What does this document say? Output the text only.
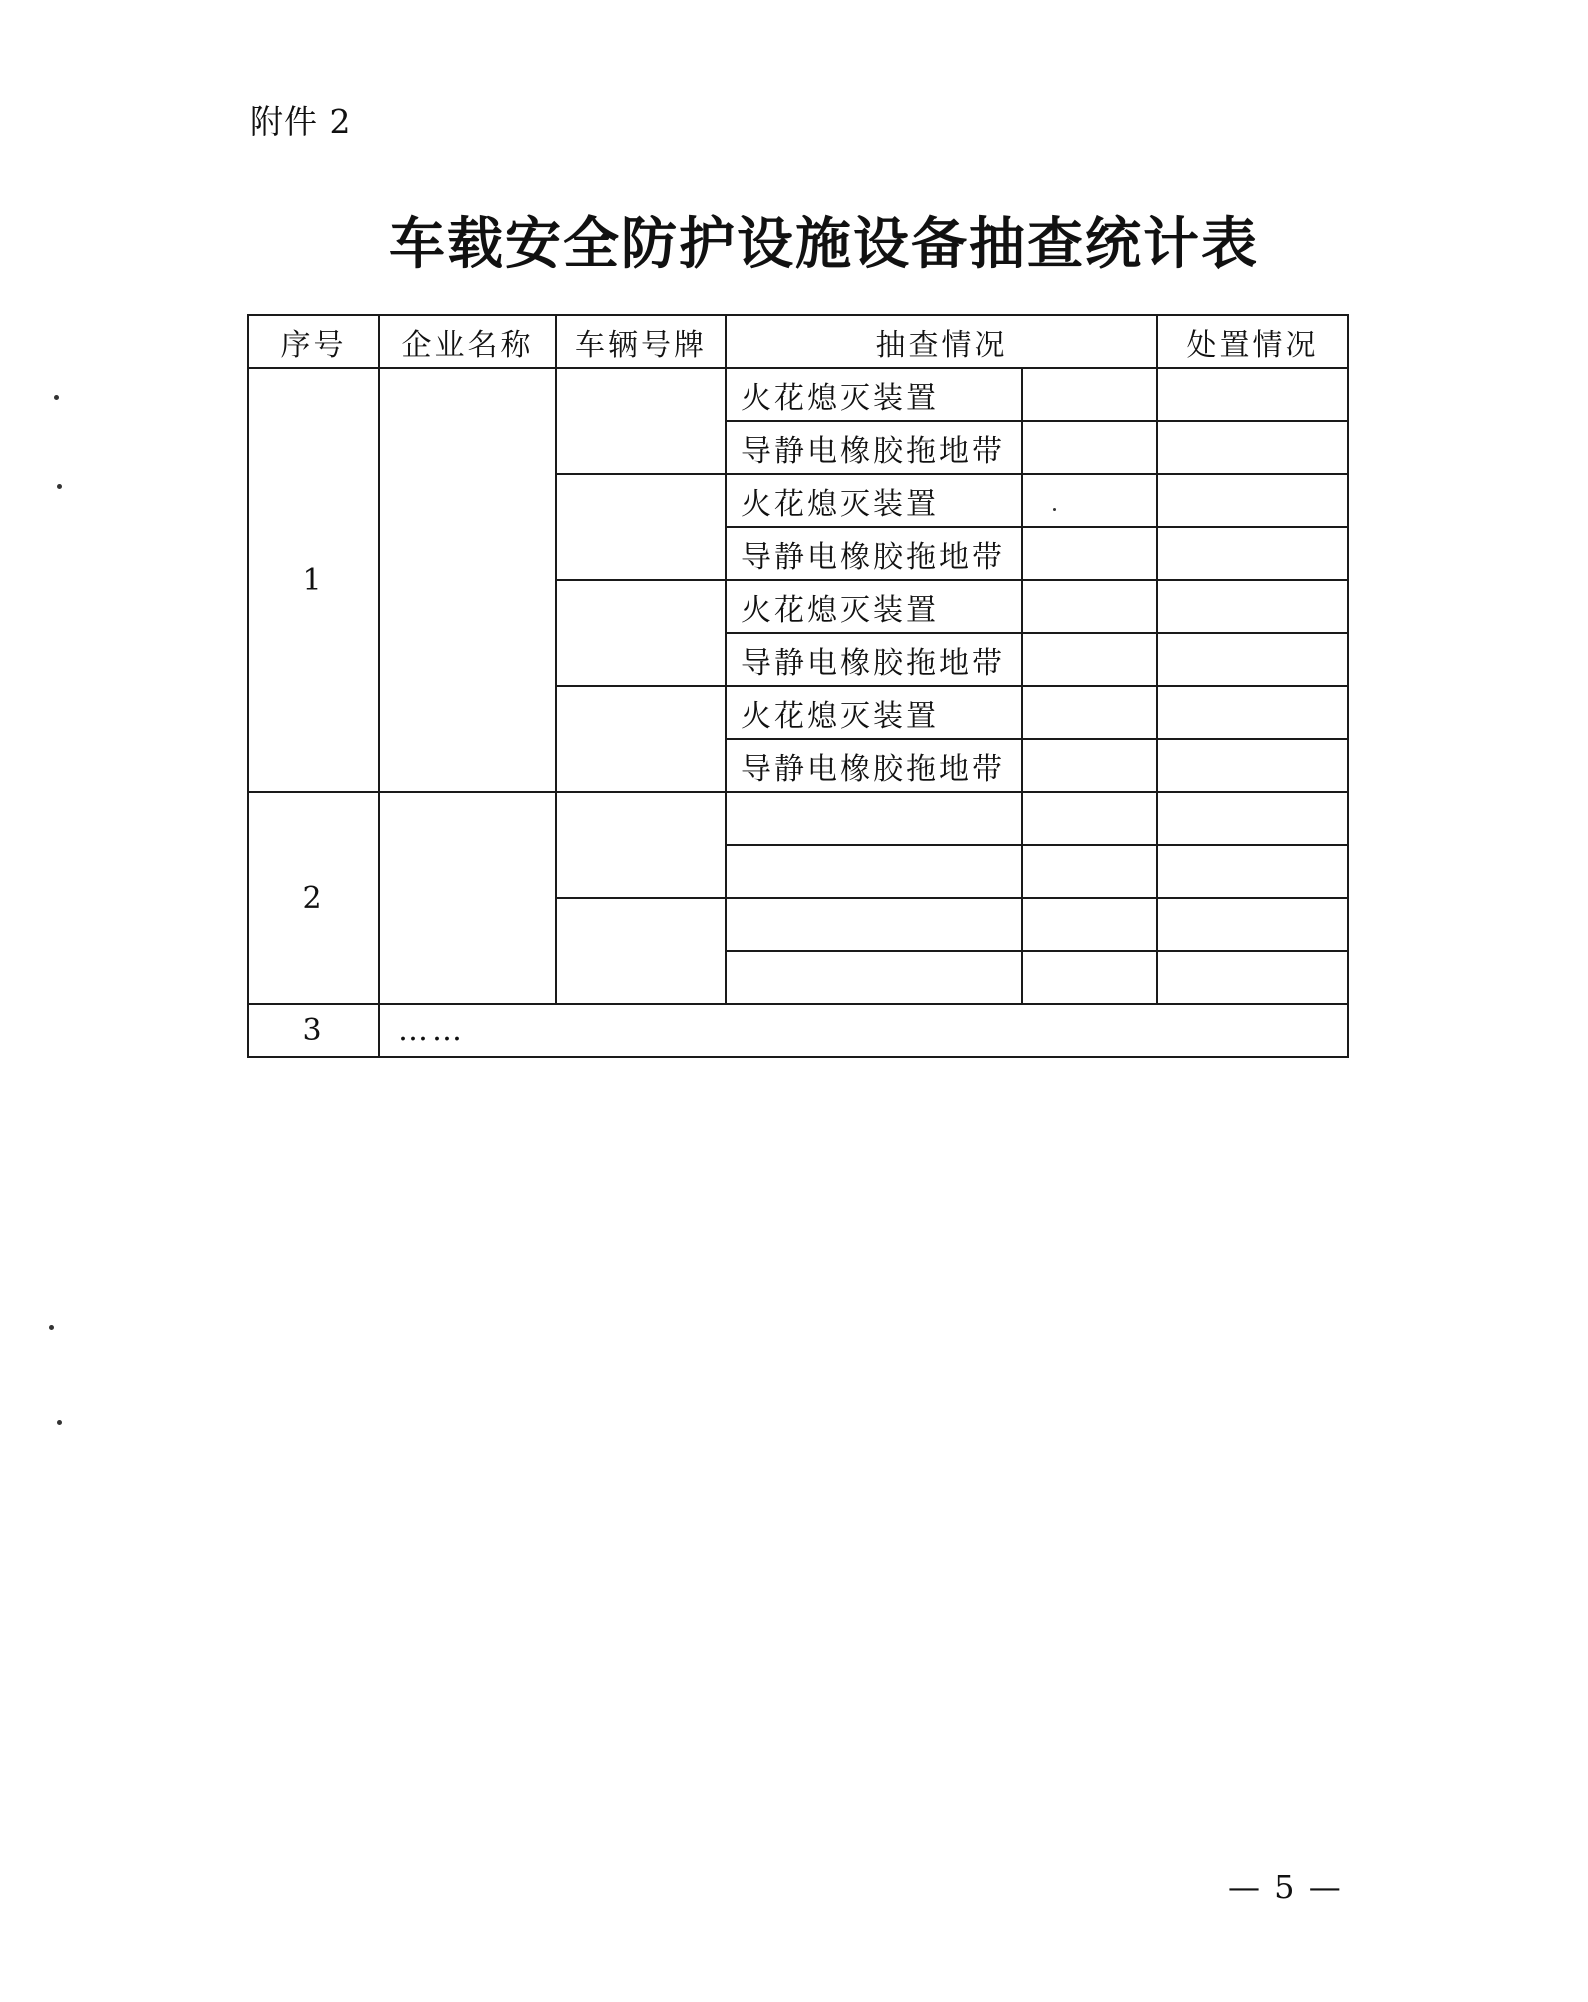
附件 2
车载安全防护设施设备抽查统计表
序号	企业名称	车辆号牌	抽查情况		处置情况
1			火花熄灭装置		
			导静电橡胶拖地带		
			火花熄灭装置		
			导静电橡胶拖地带		
			火花熄灭装置		
			导静电橡胶拖地带		
			火花熄灭装置		
			导静电橡胶拖地带		
2					

3	……				
— 5 —
